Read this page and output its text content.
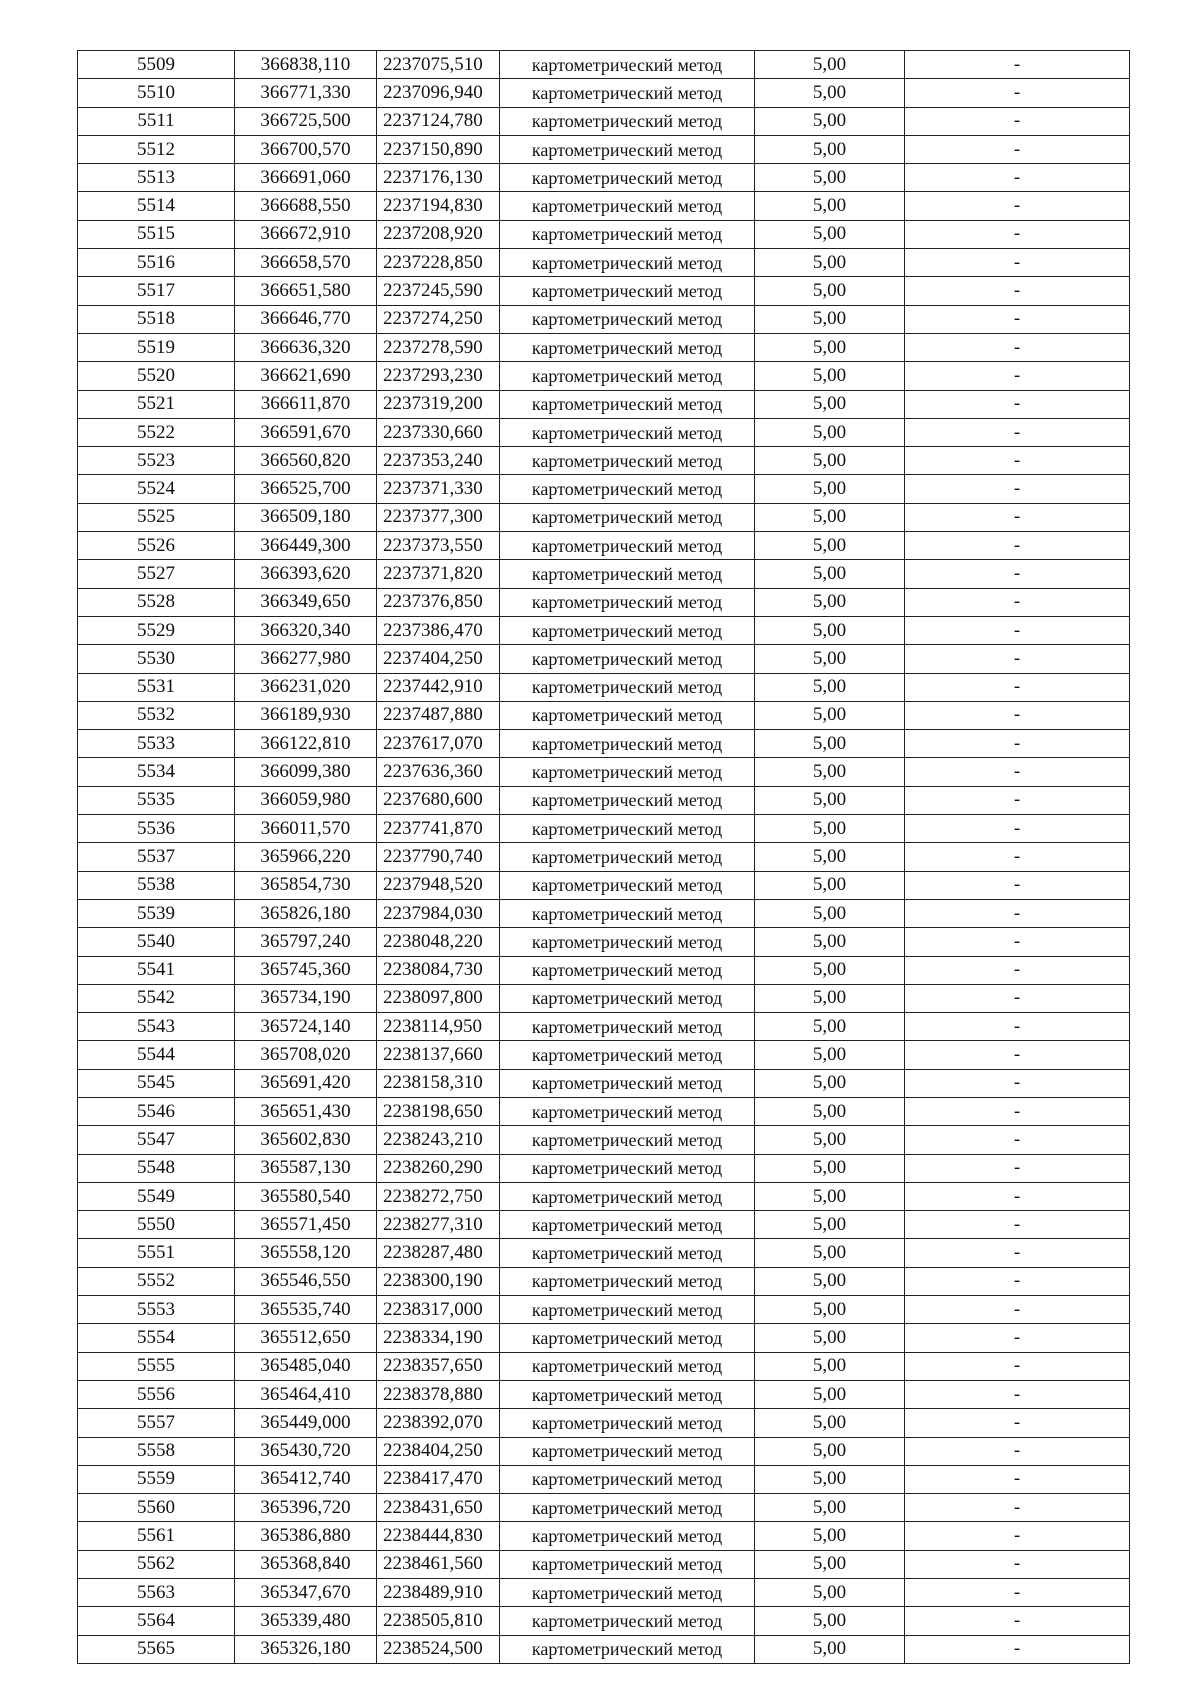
5509	366838,110	2237075,510	картометрический метод	5,00	-
5510	366771,330	2237096,940	картометрический метод	5,00	-
5511	366725,500	2237124,780	картометрический метод	5,00	-
5512	366700,570	2237150,890	картометрический метод	5,00	-
5513	366691,060	2237176,130	картометрический метод	5,00	-
5514	366688,550	2237194,830	картометрический метод	5,00	-
5515	366672,910	2237208,920	картометрический метод	5,00	-
5516	366658,570	2237228,850	картометрический метод	5,00	-
5517	366651,580	2237245,590	картометрический метод	5,00	-
5518	366646,770	2237274,250	картометрический метод	5,00	-
5519	366636,320	2237278,590	картометрический метод	5,00	-
5520	366621,690	2237293,230	картометрический метод	5,00	-
5521	366611,870	2237319,200	картометрический метод	5,00	-
5522	366591,670	2237330,660	картометрический метод	5,00	-
5523	366560,820	2237353,240	картометрический метод	5,00	-
5524	366525,700	2237371,330	картометрический метод	5,00	-
5525	366509,180	2237377,300	картометрический метод	5,00	-
5526	366449,300	2237373,550	картометрический метод	5,00	-
5527	366393,620	2237371,820	картометрический метод	5,00	-
5528	366349,650	2237376,850	картометрический метод	5,00	-
5529	366320,340	2237386,470	картометрический метод	5,00	-
5530	366277,980	2237404,250	картометрический метод	5,00	-
5531	366231,020	2237442,910	картометрический метод	5,00	-
5532	366189,930	2237487,880	картометрический метод	5,00	-
5533	366122,810	2237617,070	картометрический метод	5,00	-
5534	366099,380	2237636,360	картометрический метод	5,00	-
5535	366059,980	2237680,600	картометрический метод	5,00	-
5536	366011,570	2237741,870	картометрический метод	5,00	-
5537	365966,220	2237790,740	картометрический метод	5,00	-
5538	365854,730	2237948,520	картометрический метод	5,00	-
5539	365826,180	2237984,030	картометрический метод	5,00	-
5540	365797,240	2238048,220	картометрический метод	5,00	-
5541	365745,360	2238084,730	картометрический метод	5,00	-
5542	365734,190	2238097,800	картометрический метод	5,00	-
5543	365724,140	2238114,950	картометрический метод	5,00	-
5544	365708,020	2238137,660	картометрический метод	5,00	-
5545	365691,420	2238158,310	картометрический метод	5,00	-
5546	365651,430	2238198,650	картометрический метод	5,00	-
5547	365602,830	2238243,210	картометрический метод	5,00	-
5548	365587,130	2238260,290	картометрический метод	5,00	-
5549	365580,540	2238272,750	картометрический метод	5,00	-
5550	365571,450	2238277,310	картометрический метод	5,00	-
5551	365558,120	2238287,480	картометрический метод	5,00	-
5552	365546,550	2238300,190	картометрический метод	5,00	-
5553	365535,740	2238317,000	картометрический метод	5,00	-
5554	365512,650	2238334,190	картометрический метод	5,00	-
5555	365485,040	2238357,650	картометрический метод	5,00	-
5556	365464,410	2238378,880	картометрический метод	5,00	-
5557	365449,000	2238392,070	картометрический метод	5,00	-
5558	365430,720	2238404,250	картометрический метод	5,00	-
5559	365412,740	2238417,470	картометрический метод	5,00	-
5560	365396,720	2238431,650	картометрический метод	5,00	-
5561	365386,880	2238444,830	картометрический метод	5,00	-
5562	365368,840	2238461,560	картометрический метод	5,00	-
5563	365347,670	2238489,910	картометрический метод	5,00	-
5564	365339,480	2238505,810	картометрический метод	5,00	-
5565	365326,180	2238524,500	картометрический метод	5,00	-
